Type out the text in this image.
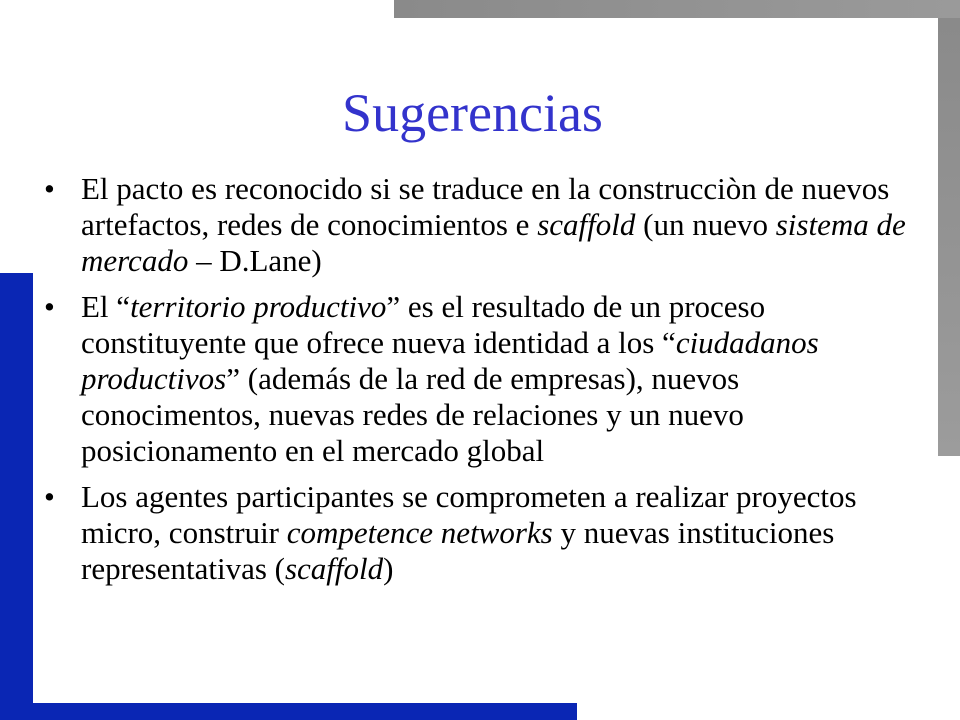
Sugerencias
• El pacto es reconocido si se traduce en la construcciòn de nuevos artefactos, redes de conocimientos e scaffold (un nuevo sistema de mercado – D.Lane)
• El “territorio productivo” es el resultado de un proceso constituyente que ofrece nueva identidad a los “ciudadanos productivos” (además de la red de empresas), nuevos conocimentos, nuevas redes de relaciones y un nuevo posicionamento en el mercado global
• Los agentes participantes se comprometen a realizar proyectos micro, construir competence networks y nuevas instituciones representativas (scaffold)
